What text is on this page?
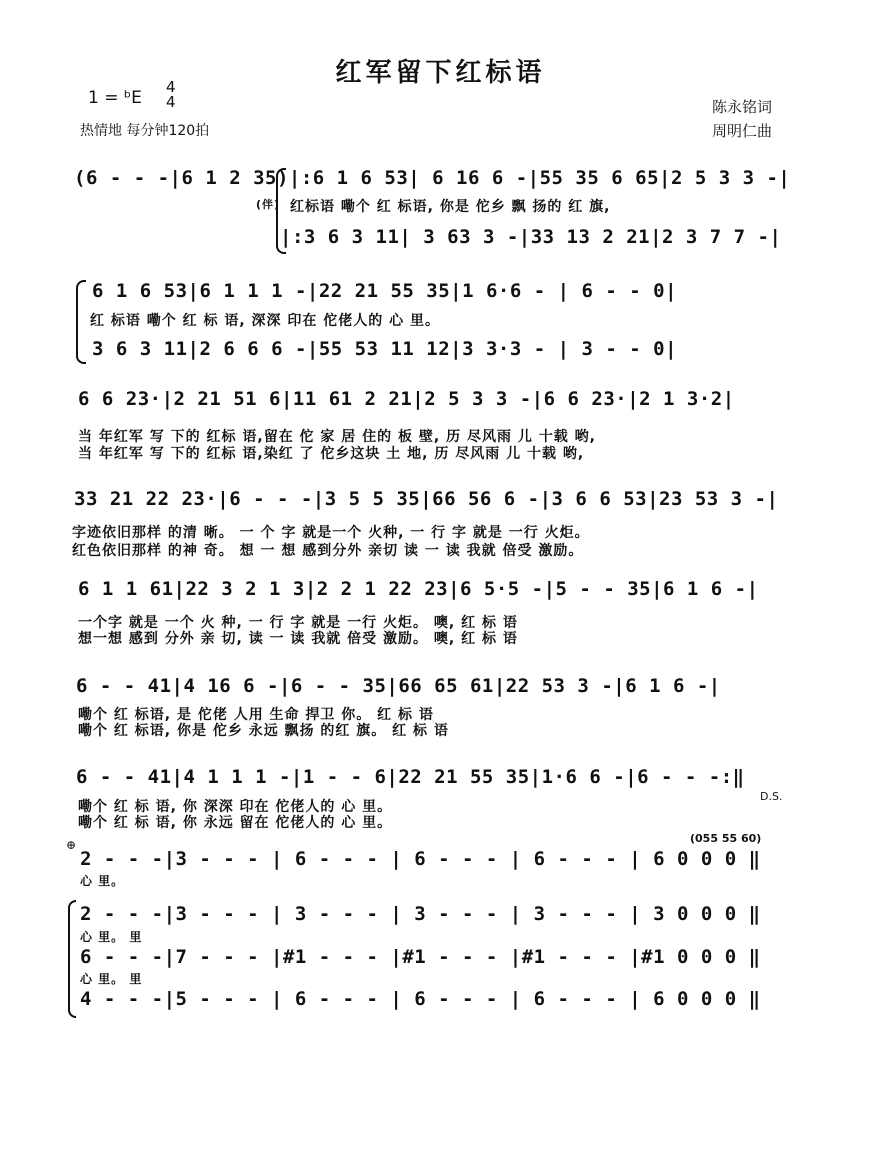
红军留下红标语
1 = ᵇE
4
4
热情地 每分钟120拍
陈永铭词
周明仁曲
(6 - - -|6 1 2 35)|:6 1 6 53| 6 16 6 -|55 35 6 65|2 5 3 3 -|
(伴) 红标语 嘞个 红 标语, 你是 佗乡 飘 扬的 红 旗,
|:3 6 3 11| 3 63 3 -|33 13 2 21|2 3 7 7 -|
6 1 6 53|6 1 1 1 -|22 21 55 35|1 6·6 - | 6 - - 0|
红 标语 嘞个 红 标 语, 深深 印在 佗佬人的 心 里。
3 6 3 11|2 6 6 6 -|55 53 11 12|3 3·3 - | 3 - - 0|
6 6 23·|2 21 51 6|11 61 2 21|2 5 3 3 -|6 6 23·|2 1 3·2|
当 年红军 写 下的 红标 语,留在 佗 家 居 住的 板 壁, 历 尽风雨 儿 十载 哟,
当 年红军 写 下的 红标 语,染红 了 佗乡这块 土 地, 历 尽风雨 儿 十载 哟,
33 21 22 23·|6 - - -|3 5 5 35|66 56 6 -|3 6 6 53|23 53 3 -|
字迹依旧那样 的清 晰。 一 个 字 就是一个 火种, 一 行 字 就是 一行 火炬。
红色依旧那样 的神 奇。 想 一 想 感到分外 亲切 读 一 读 我就 倍受 激励。
6 1 1 61|22 3 2 1 3|2 2 1 22 23|6 5·5 -|5 - - 35|6 1 6 -|
一个字 就是 一个 火 种, 一 行 字 就是 一行 火炬。 噢, 红 标 语
想一想 感到 分外 亲 切, 读 一 读 我就 倍受 激励。 噢, 红 标 语
6 - - 41|4 16 6 -|6 - - 35|66 65 61|22 53 3 -|6 1 6 -|
嘞个 红 标语, 是 佗佬 人用 生命 捍卫 你。 红 标 语
嘞个 红 标语, 你是 佗乡 永远 飘扬 的红 旗。 红 标 语
6 - - 41|4 1 1 1 -|1 - - 6|22 21 55 35|1·6 6 -|6 - - -:‖
嘞个 红 标 语, 你 深深 印在 佗佬人的 心 里。
嘞个 红 标 语, 你 永远 留在 佗佬人的 心 里。
D.S.
⊕	(055 55 60)
2 - - -|3 - - - | 6 - - - | 6 - - - | 6 - - - | 6 0 0 0 ‖
心 里。
2 - - -|3 - - - | 3 - - - | 3 - - - | 3 - - - | 3 0 0 0 ‖
心 里。 里
6 - - -|7 - - - |#1 - - - |#1 - - - |#1 - - - |#1 0 0 0 ‖
心 里。 里
4 - - -|5 - - - | 6 - - - | 6 - - - | 6 - - - | 6 0 0 0 ‖
